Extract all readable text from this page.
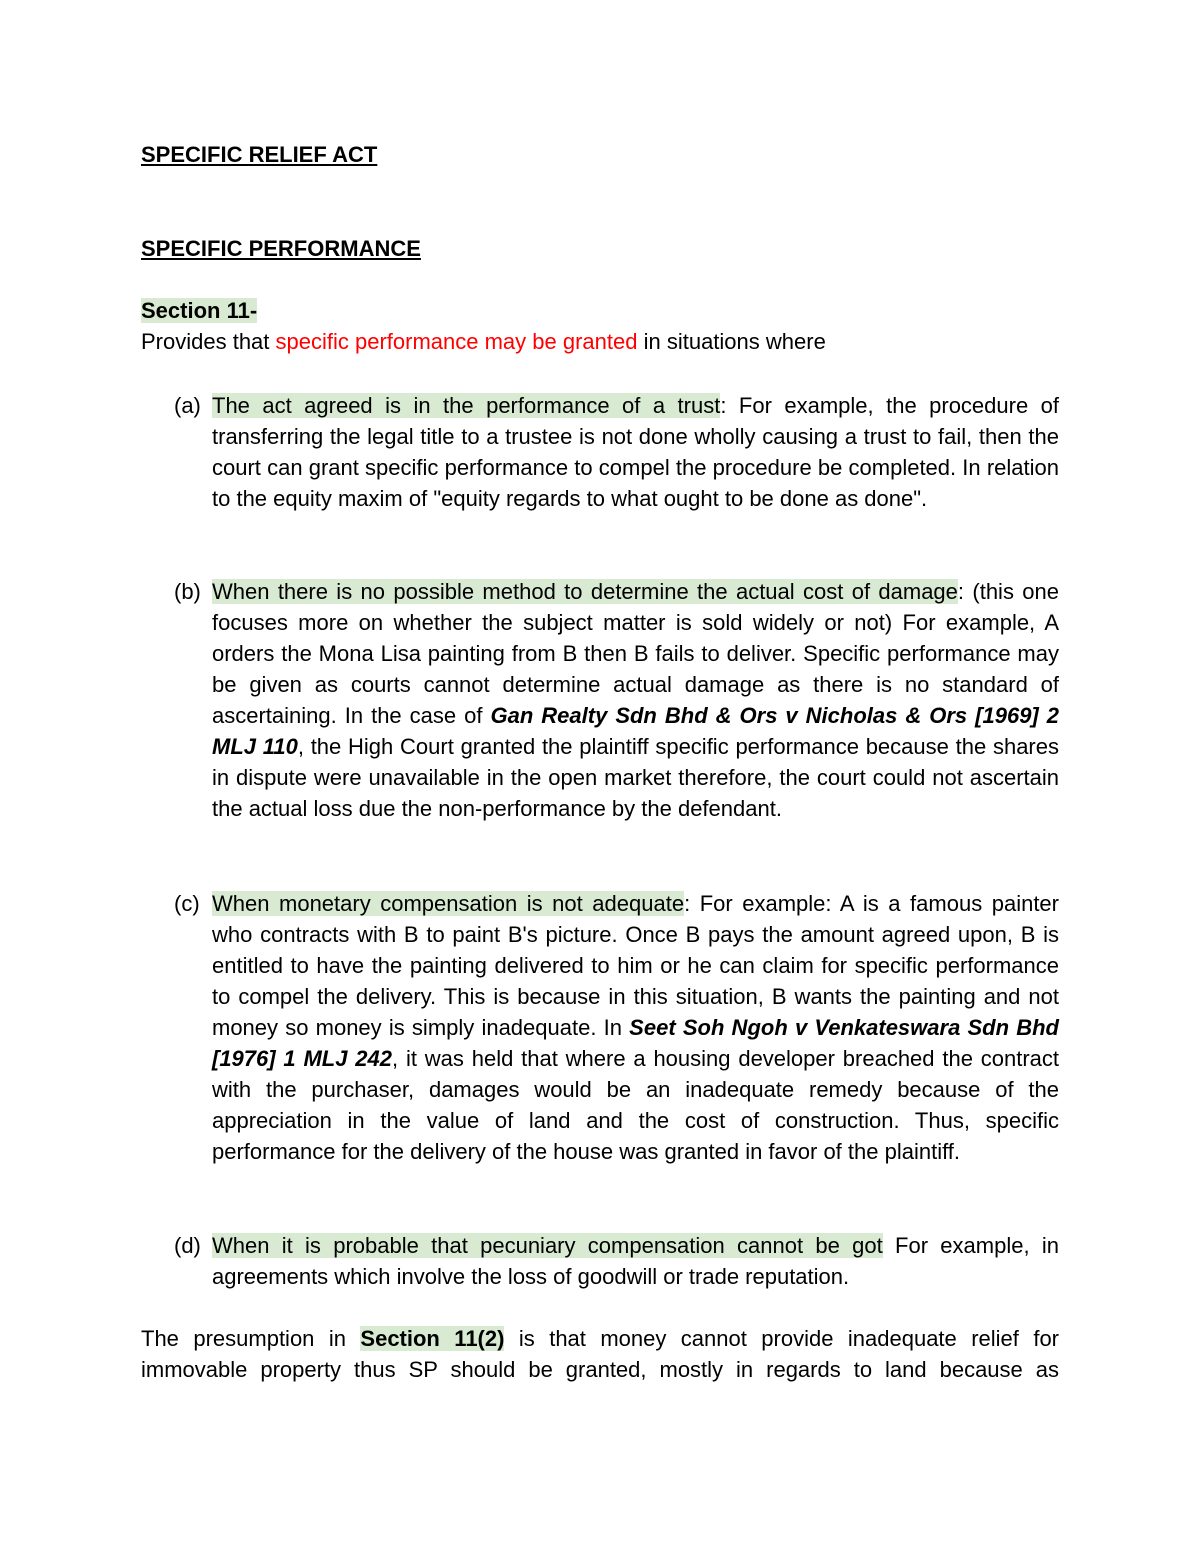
SPECIFIC RELIEF ACT
SPECIFIC PERFORMANCE
Section 11-

Provides that specific performance may be granted in situations where

(a) The act agreed is in the performance of a trust: For example, the procedure of transferring the legal title to a trustee is not done wholly causing a trust to fail, then the court can grant specific performance to compel the procedure be completed. In relation to the equity maxim of "equity regards to what ought to be done as done".
(b) When there is no possible method to determine the actual cost of damage: (this one focuses more on whether the subject matter is sold widely or not) For example, A orders the Mona Lisa painting from B then B fails to deliver. Specific performance may be given as courts cannot determine actual damage as there is no standard of ascertaining. In the case of Gan Realty Sdn Bhd & Ors v Nicholas & Ors [1969] 2 MLJ 110, the High Court granted the plaintiff specific performance because the shares in dispute were unavailable in the open market therefore, the court could not ascertain the actual loss due the non-performance by the defendant.
(c) When monetary compensation is not adequate: For example: A is a famous painter who contracts with B to paint B's picture. Once B pays the amount agreed upon, B is entitled to have the painting delivered to him or he can claim for specific performance to compel the delivery. This is because in this situation, B wants the painting and not money so money is simply inadequate. In Seet Soh Ngoh v Venkateswara Sdn Bhd [1976] 1 MLJ 242, it was held that where a housing developer breached the contract with the purchaser, damages would be an inadequate remedy because of the appreciation in the value of land and the cost of construction. Thus, specific performance for the delivery of the house was granted in favor of the plaintiff.
(d) When it is probable that pecuniary compensation cannot be got For example, in agreements which involve the loss of goodwill or trade reputation.

The presumption in Section 11(2) is that money cannot provide inadequate relief for immovable property thus SP should be granted, mostly in regards to land because as
